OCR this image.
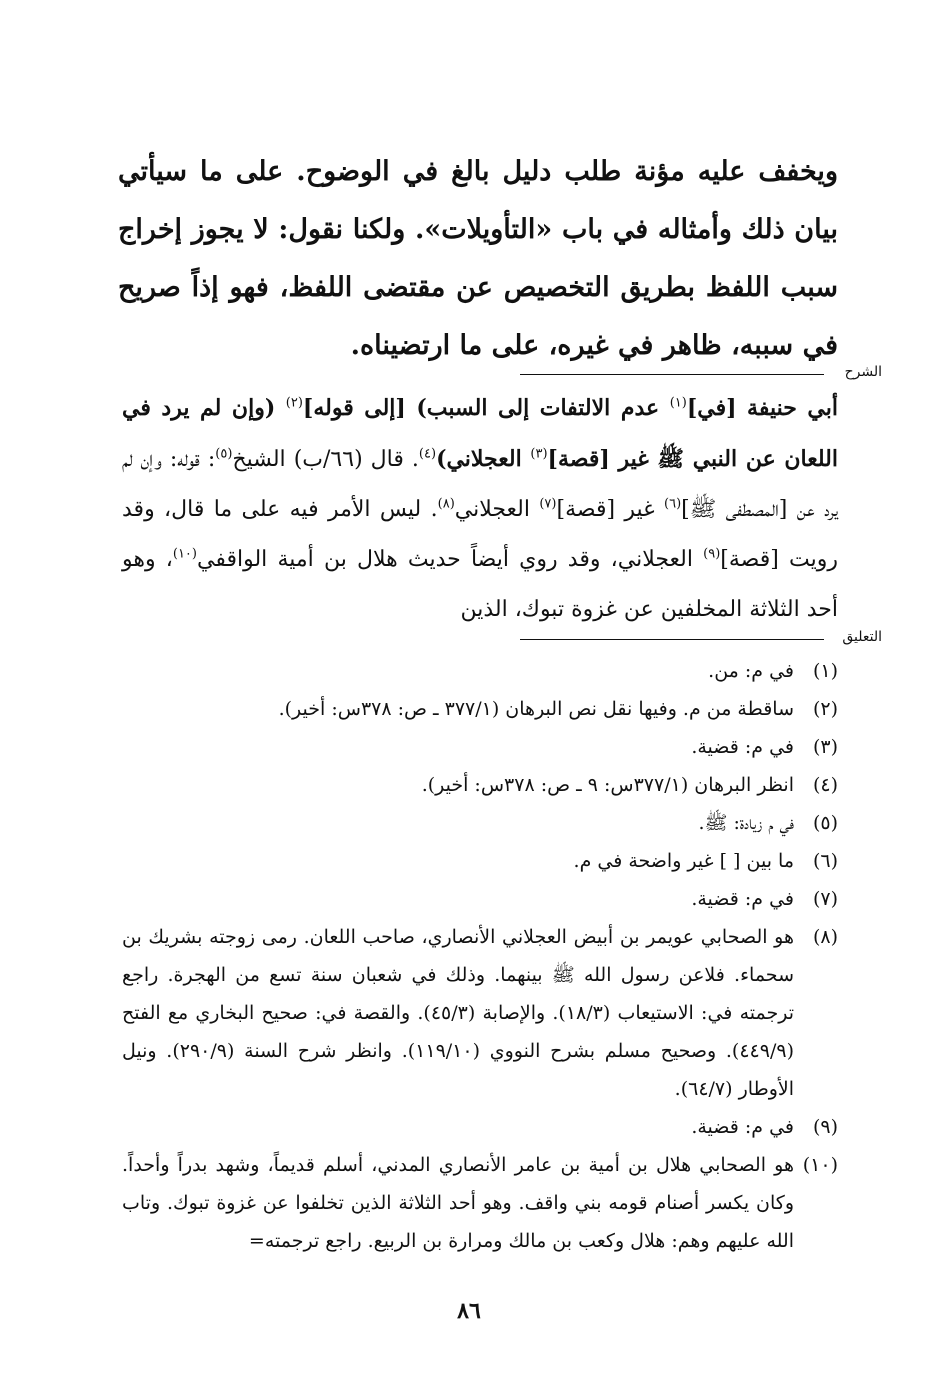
ويخفف عليه مؤنة طلب دليل بالغ في الوضوح. على ما سيأتي بيان ذلك وأمثاله في باب «التأويلات». ولكنا نقول: لا يجوز إخراج سبب اللفظ بطريق التخصيص عن مقتضى اللفظ، فهو إذاً صريح في سببه، ظاهر في غيره، على ما ارتضيناه.

الشرح

أبي حنيفة [في]$^{(١)}$ عدم الالتفات إلى السبب) [إلى قوله]$^{(٢)}$ (وإن لم يرد في اللعان عن النبي ﷺ غير [قصة]$^{(٣)}$ العجلاني)$^{(٤)}$. قال (٦٦/ب) الشيخ$^{(٥)}$: قوله: وإن لم يرد عن [المصطفى ﷺ]$^{(٦)}$ غير [قصة]$^{(٧)}$ العجلاني$^{(٨)}$. ليس الأمر فيه على ما قال، وقد رويت [قصة]$^{(٩)}$ العجلاني، وقد روي أيضاً حديث هلال بن أمية الواقفي$^{(١٠)}$، وهو أحد الثلاثة المخلفين عن غزوة تبوك، الذين

التعليق
(١)
في م: من.
(٢)
ساقطة من م. وفيها نقل نص البرهان (٣٧٧/١ ـ ص: ٣٧٨س: أخير).
(٣)
في م: قضية.
(٤)
انظر البرهان (٣٧٧/١س: ٩ ـ ص: ٣٧٨س: أخير).
(٥)
في م زيادة: ﷺ.
(٦)
ما بين [ ] غير واضحة في م.
(٧)
في م: قضية.
(٨)
هو الصحابي عويمر بن أبيض العجلاني الأنصاري، صاحب اللعان. رمى زوجته بشريك بن سحماء. فلاعن رسول الله ﷺ بينهما. وذلك في شعبان سنة تسع من الهجرة. راجع ترجمته في: الاستيعاب (١٨/٣). والإصابة (٤٥/٣). والقصة في: صحيح البخاري مع الفتح (٤٤٩/٩). وصحيح مسلم بشرح النووي (١١٩/١٠). وانظر شرح السنة (٢٩٠/٩). ونيل الأوطار (٦٤/٧).
(٩)
في م: قضية.
(١٠)
هو الصحابي هلال بن أمية بن عامر الأنصاري المدني، أسلم قديماً، وشهد بدراً وأحداً. وكان يكسر أصنام قومه بني واقف. وهو أحد الثلاثة الذين تخلفوا عن غزوة تبوك. وتاب الله عليهم وهم: هلال وكعب بن مالك ومرارة بن الربيع. راجع ترجمته=
٨٦
